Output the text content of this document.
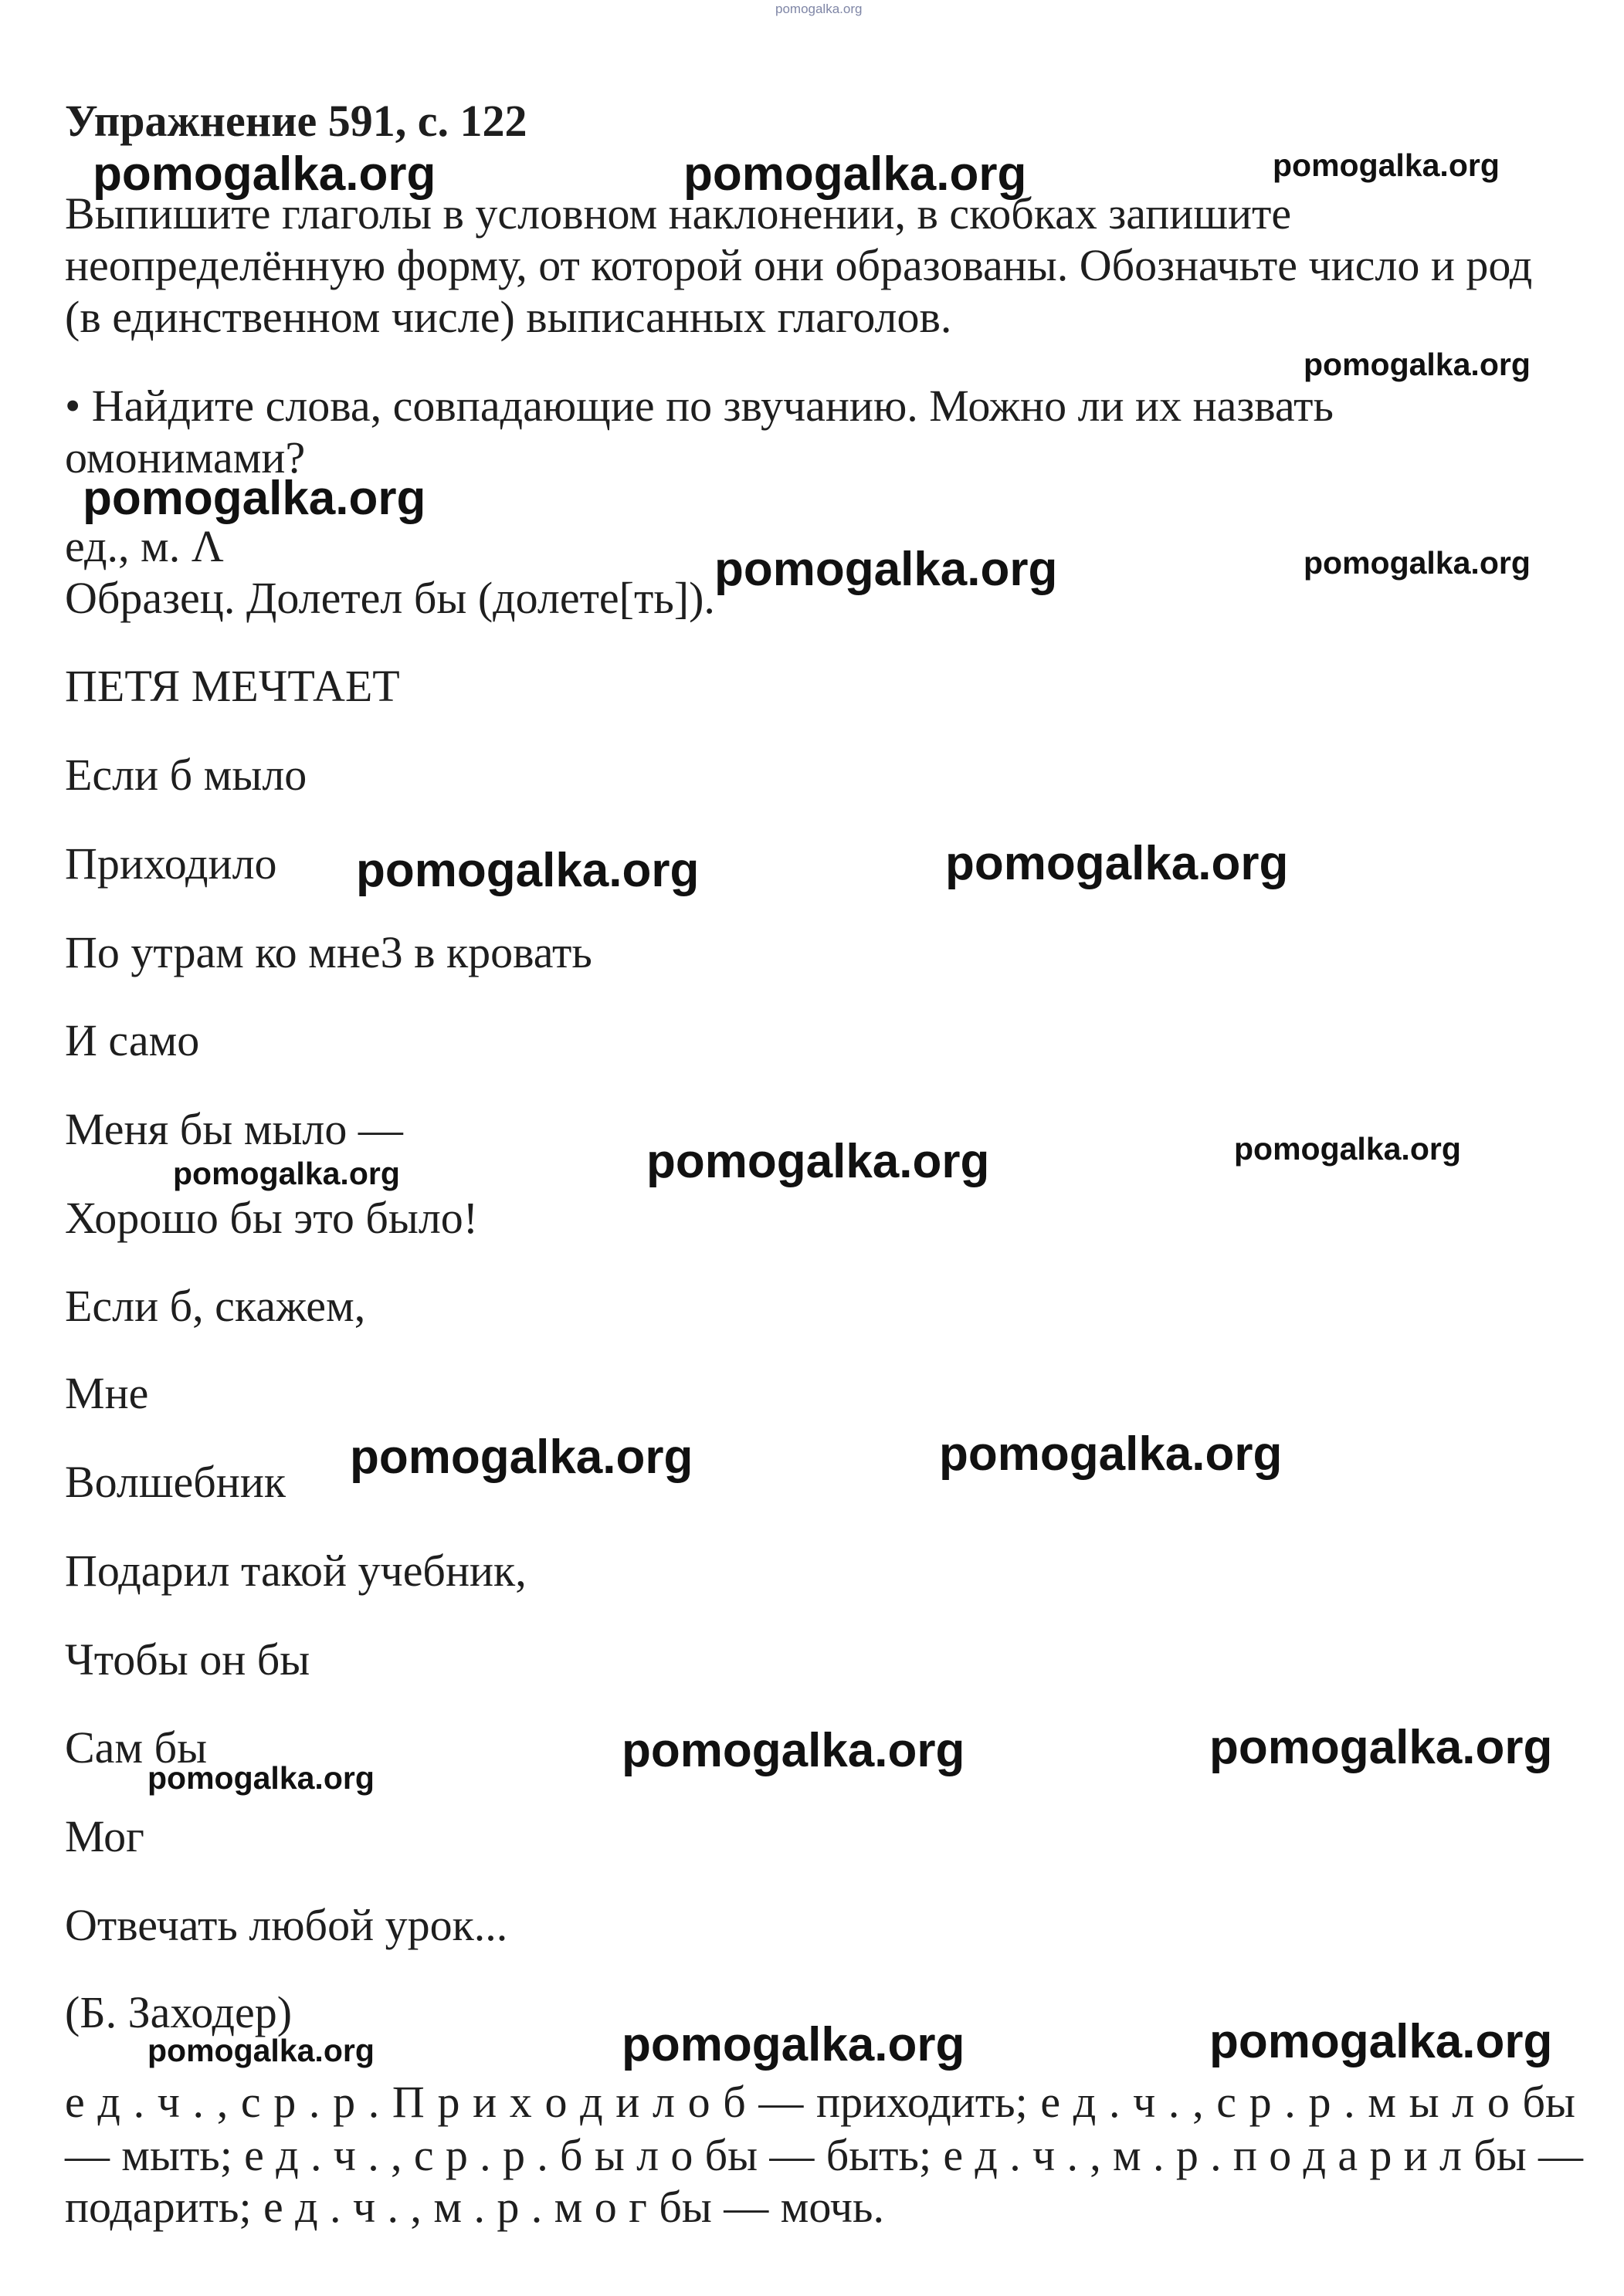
pomogalka.org
Упражнение 591, с. 122
Выпишите глаголы в условном наклонении, в скобках запишите
неопределённую форму, от которой они образованы. Обозначьте число и род
(в единственном числе) выписанных глаголов.
• Найдите слова, совпадающие по звучанию. Можно ли их назвать
омонимами?
ед., м. Λ
Образец. Долетел бы (долете[ть]).
ПЕТЯ МЕЧТАЕТ
Если б мыло
Приходило
По утрам ко мне3 в кровать
И само
Меня бы мыло —
Хорошо бы это было!
Если б, скажем,
Мне
Волшебник
Подарил такой учебник,
Чтобы он бы
Сам бы
Мог
Отвечать любой урок...
(Б. Заходер)
е д . ч . , с р . р . П р и х о д и л о б — приходить; е д . ч . , с р . р . м ы л о бы
— мыть; е д . ч . , с р . р . б ы л о бы — быть; е д . ч . , м . р . п о д а р и л бы —
подарить; е д . ч . , м . р . м о г бы — мочь.
pomogalka.org	pomogalka.org	pomogalka.org
pomogalka.org
pomogalka.org
pomogalka.org	pomogalka.org
pomogalka.org	pomogalka.org
pomogalka.org	pomogalka.org	pomogalka.org
pomogalka.org	pomogalka.org
pomogalka.org
pomogalka.org	pomogalka.org
pomogalka.org	pomogalka.org	pomogalka.org
